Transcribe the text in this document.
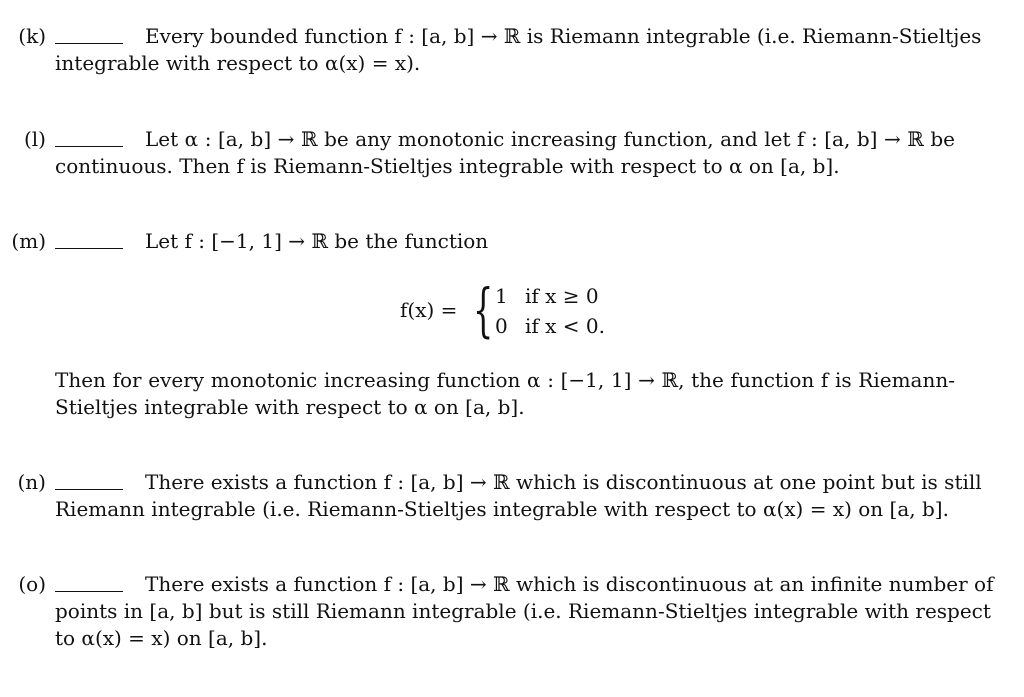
(k)	Every bounded function f : [a, b] → ℝ is Riemann integrable (i.e. Riemann-Stieltjes
integrable with respect to α(x) = x).
(l)	Let α : [a, b] → ℝ be any monotonic increasing function, and let f : [a, b] → ℝ be
continuous. Then f is Riemann-Stieltjes integrable with respect to α on [a, b].
(m)	Let f : [−1, 1] → ℝ be the function
Then for every monotonic increasing function α : [−1, 1] → ℝ, the function f is Riemann-
Stieltjes integrable with respect to α on [a, b].
f(x) = { 1 if x ≥ 0
0 if x < 0.
(n)	There exists a function f : [a, b] → ℝ which is discontinuous at one point but is still
Riemann integrable (i.e. Riemann-Stieltjes integrable with respect to α(x) = x) on [a, b].
(o)	There exists a function f : [a, b] → ℝ which is discontinuous at an infinite number of
points in [a, b] but is still Riemann integrable (i.e. Riemann-Stieltjes integrable with respect
to α(x) = x) on [a, b].
